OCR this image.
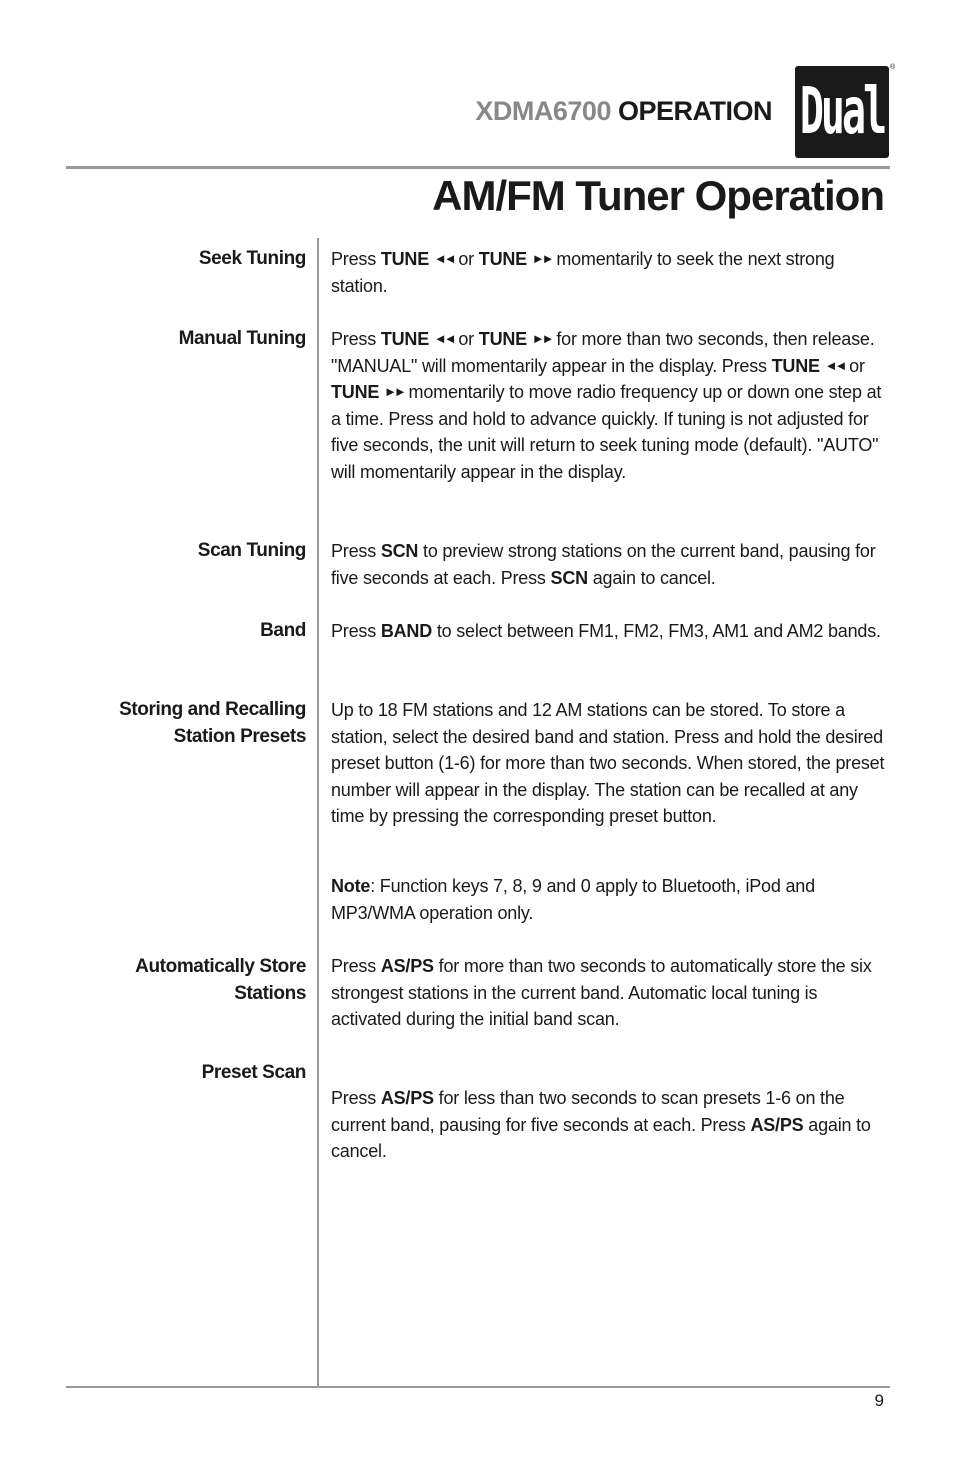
XDMA6700 OPERATION Dual
®
AM/FM Tuner Operation
Seek Tuning Press TUNE ◄◄ or TUNE ►► momentarily to seek the next strong station.
Manual Tuning Press TUNE ◄◄ or TUNE ►► for more than two seconds, then release. "MANUAL" will momentarily appear in the display. Press TUNE ◄◄ or TUNE ►► momentarily to move radio frequency up or down one step at a time. Press and hold to advance quickly. If tuning is not adjusted for five seconds, the unit will return to seek tuning mode (default). "AUTO" will momentarily appear in the display.
Scan Tuning Press SCN to preview strong stations on the current band, pausing for five seconds at each. Press SCN again to cancel.
Band Press BAND to select between FM1, FM2, FM3, AM1 and AM2 bands.
Storing and Recalling
Station Presets
Up to 18 FM stations and 12 AM stations can be stored. To store a station, select the desired band and station. Press and hold the desired preset button (1-6) for more than two seconds. When stored, the preset number will appear in the display. The station can be recalled at any time by pressing the corresponding preset button.
Note: Function keys 7, 8, 9 and 0 apply to Bluetooth, iPod and MP3/WMA operation only.
Automatically Store
Stations
Press AS/PS for more than two seconds to automatically store the six strongest stations in the current band. Automatic local tuning is activated during the initial band scan.
Preset Scan
Press AS/PS for less than two seconds to scan presets 1-6 on the current band, pausing for five seconds at each. Press AS/PS again to cancel.
9
